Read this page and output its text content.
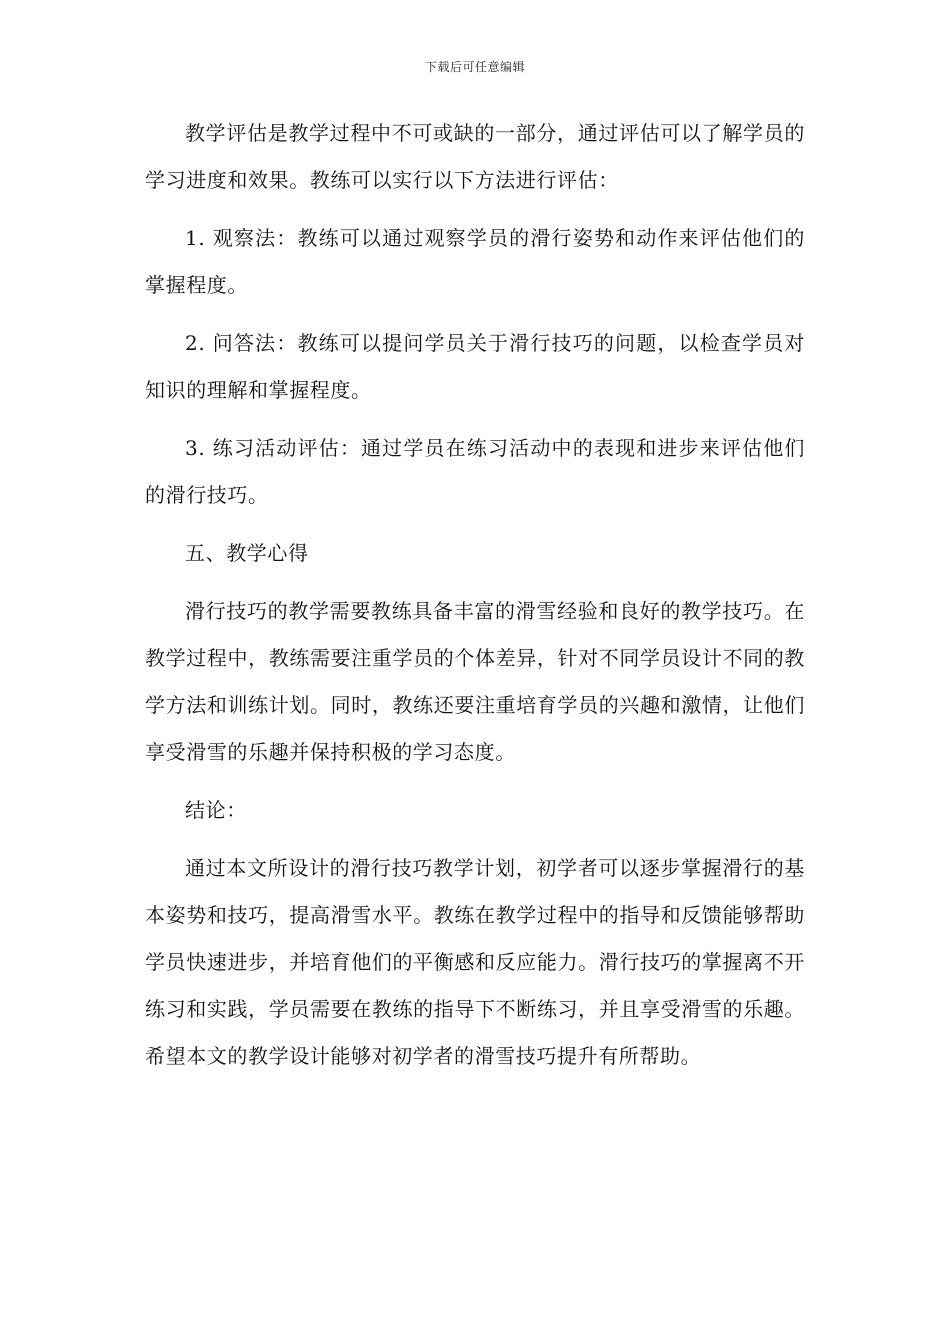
下载后可任意编辑

教学评估是教学过程中不可或缺的一部分，通过评估可以了解学员的学习进度和效果。教练可以实行以下方法进行评估：

1. 观察法：教练可以通过观察学员的滑行姿势和动作来评估他们的掌握程度。

2. 问答法：教练可以提问学员关于滑行技巧的问题，以检查学员对知识的理解和掌握程度。

3. 练习活动评估：通过学员在练习活动中的表现和进步来评估他们的滑行技巧。

五、教学心得

滑行技巧的教学需要教练具备丰富的滑雪经验和良好的教学技巧。在教学过程中，教练需要注重学员的个体差异，针对不同学员设计不同的教学方法和训练计划。同时，教练还要注重培育学员的兴趣和激情，让他们享受滑雪的乐趣并保持积极的学习态度。

结论：

通过本文所设计的滑行技巧教学计划，初学者可以逐步掌握滑行的基本姿势和技巧，提高滑雪水平。教练在教学过程中的指导和反馈能够帮助学员快速进步，并培育他们的平衡感和反应能力。滑行技巧的掌握离不开练习和实践，学员需要在教练的指导下不断练习，并且享受滑雪的乐趣。希望本文的教学设计能够对初学者的滑雪技巧提升有所帮助。
